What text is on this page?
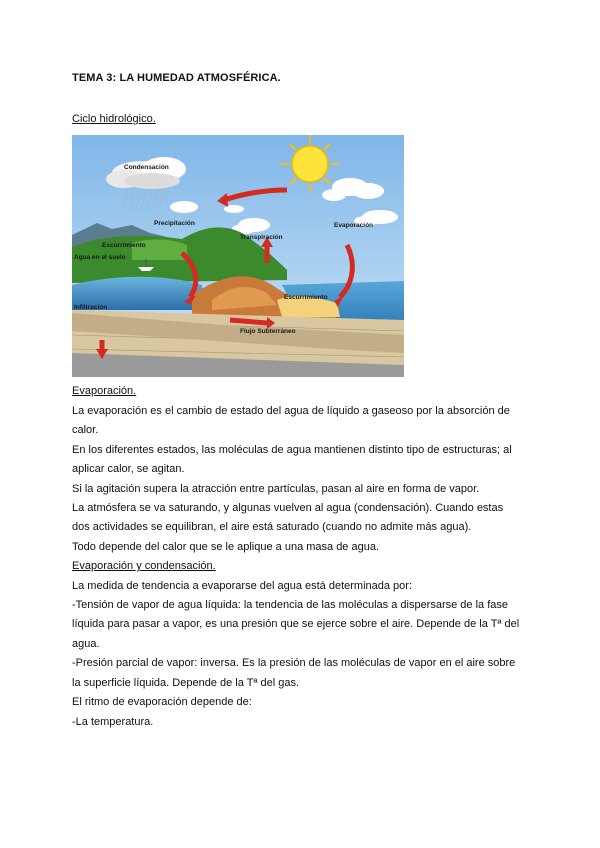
TEMA 3: LA HUMEDAD ATMOSFÉRICA.
Ciclo hidrológico.
Condensación
Precipitación
Escurrimiento
Agua en el suelo
Transpiración
Evaporación
Infiltración
Escurrimiento
Flujo Subterráneo
Evaporación.

La evaporación es el cambio de estado del agua de líquido a gaseoso por la absorción de

calor.

En los diferentes estados, las moléculas de agua mantienen distinto tipo de estructuras; al

aplicar calor, se agitan.

Si la agitación supera la atracción entre partículas, pasan al aire en forma de vapor.

La atmósfera se va saturando, y algunas vuelven al agua (condensación). Cuando estas

dos actividades se equilibran, el aire está saturado (cuando no admite más agua).

Todo depende del calor que se le aplique a una masa de agua.

Evaporación y condensación.

La medida de tendencia a evaporarse del agua está determinada por:

-Tensión de vapor de agua líquida: la tendencia de las moléculas a dispersarse de la fase

líquida para pasar a vapor, es una presión que se ejerce sobre el aire. Depende de la Tª del

agua.

-Presión parcial de vapor: inversa. Es la presión de las moléculas de vapor en el aire sobre

la superficie líquida. Depende de la Tª del gas.

El ritmo de evaporación depende de:

-La temperatura.
